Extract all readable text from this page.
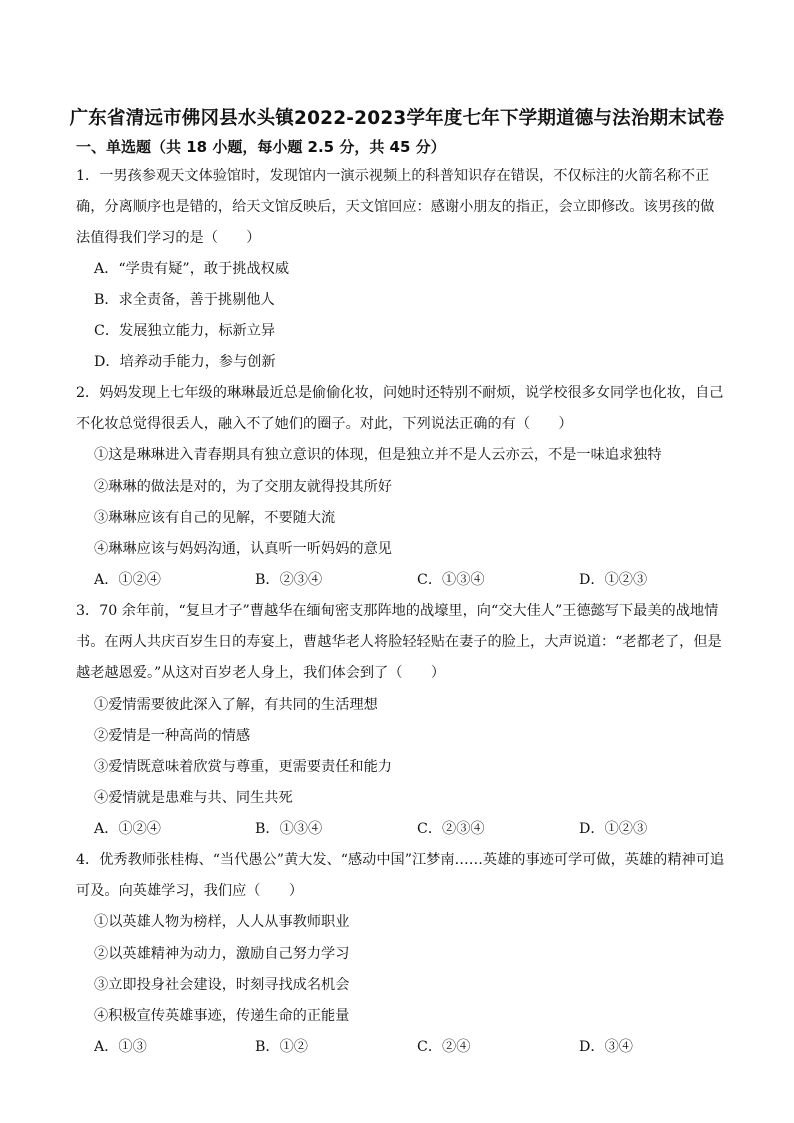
广东省清远市佛冈县水头镇2022-2023学年度七年下学期道德与法治期末试卷
一、单选题（共 18 小题，每小题 2.5 分，共 45 分）
1．一男孩参观天文体验馆时，发现馆内一演示视频上的科普知识存在错误，不仅标注的火箭名称不正
确，分离顺序也是错的，给天文馆反映后，天文馆回应：感谢小朋友的指正，会立即修改。该男孩的做
法值得我们学习的是（　　）
A．“学贵有疑”，敢于挑战权威
B．求全责备，善于挑剔他人
C．发展独立能力，标新立异
D．培养动手能力，参与创新
2．妈妈发现上七年级的琳琳最近总是偷偷化妆，问她时还特别不耐烦，说学校很多女同学也化妆，自己
不化妆总觉得很丢人，融入不了她们的圈子。对此，下列说法正确的有（　　）
①这是琳琳进入青春期具有独立意识的体现，但是独立并不是人云亦云，不是一味追求独特
②琳琳的做法是对的，为了交朋友就得投其所好
③琳琳应该有自己的见解，不要随大流
④琳琳应该与妈妈沟通，认真听一听妈妈的意见
A．①②④	B．②③④	C．①③④	D．①②③
3．70 余年前，“复旦才子”曹越华在缅甸密支那阵地的战壕里，向“交大佳人”王德懿写下最美的战地情
书。在两人共庆百岁生日的寿宴上，曹越华老人将脸轻轻贴在妻子的脸上，大声说道：“老都老了，但是
越老越恩爱。”从这对百岁老人身上，我们体会到了（　　）
①爱情需要彼此深入了解，有共同的生活理想
②爱情是一种高尚的情感
③爱情既意味着欣赏与尊重，更需要责任和能力
④爱情就是患难与共、同生共死
A．①②④	B．①③④	C．②③④	D．①②③
4．优秀教师张桂梅、“当代愚公”黄大发、“感动中国”江梦南……英雄的事迹可学可做，英雄的精神可追
可及。向英雄学习，我们应（　　）
①以英雄人物为榜样，人人从事教师职业
②以英雄精神为动力，激励自己努力学习
③立即投身社会建设，时刻寻找成名机会
④积极宣传英雄事迹，传递生命的正能量
A．①③	B．①②	C．②④	D．③④
